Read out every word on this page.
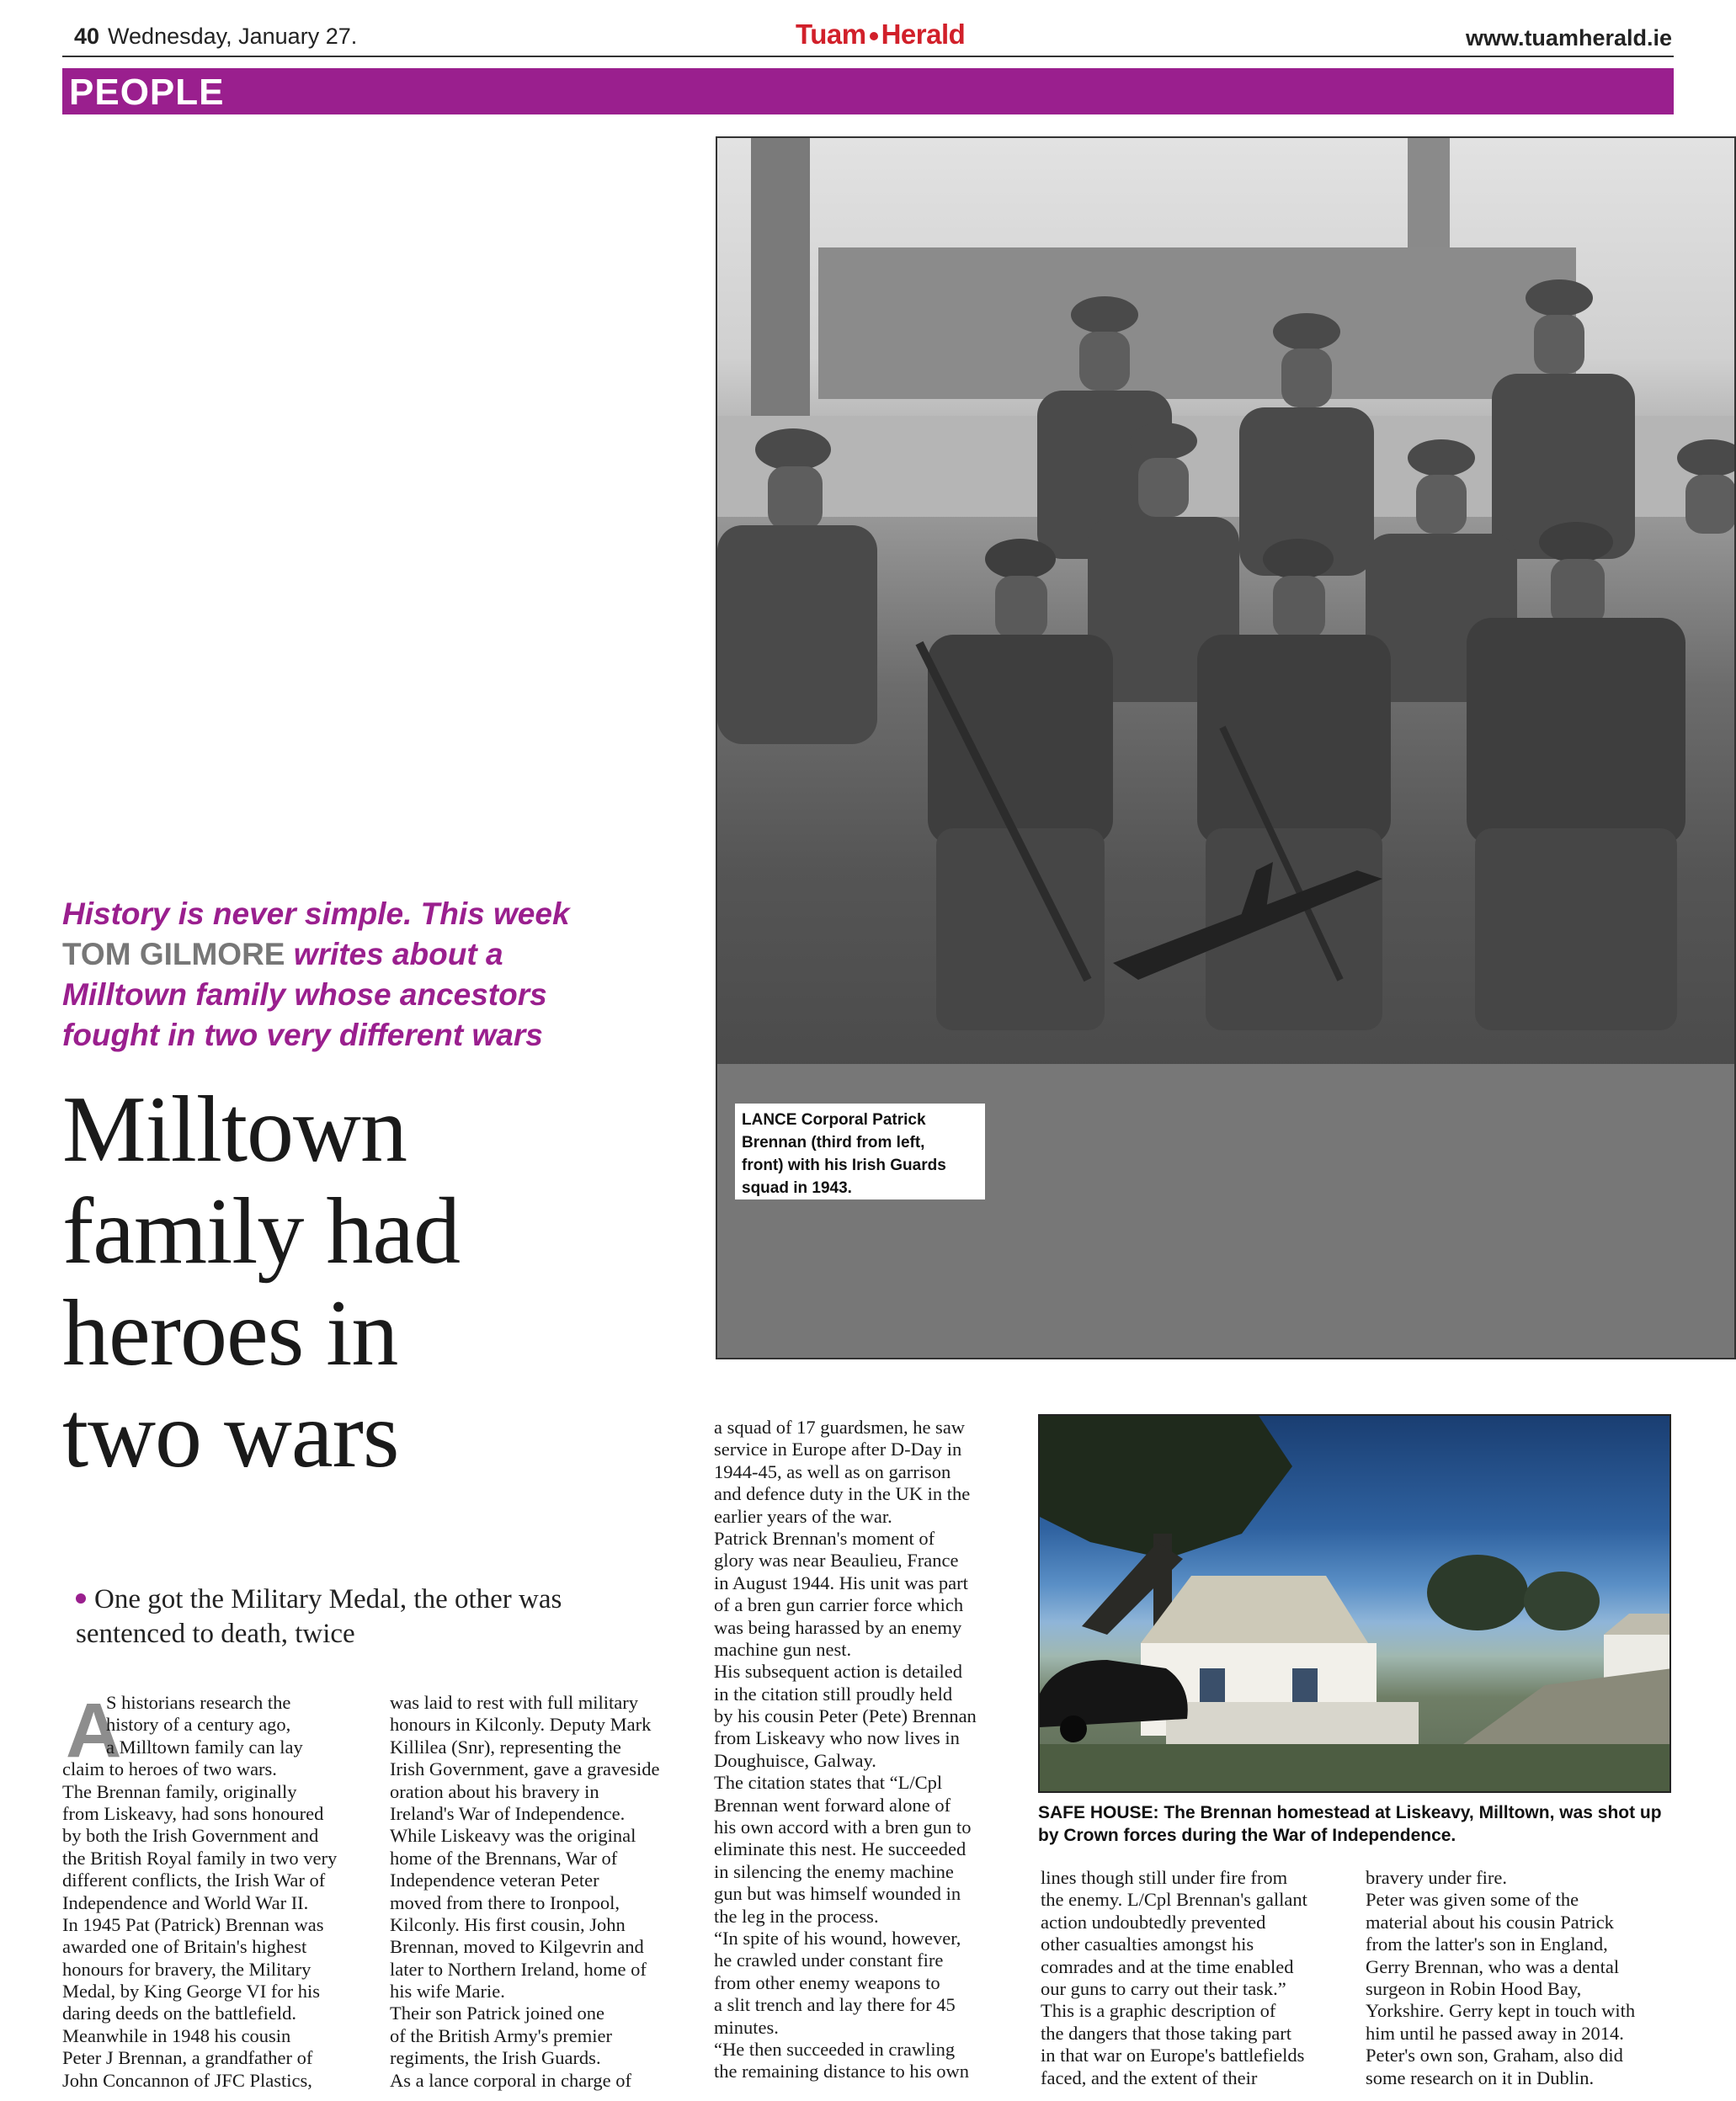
40 Wednesday, January 27.	Tuam Herald	www.tuamherald.ie
PEOPLE
LANCE Corporal Patrick
Brennan (third from left,
front) with his Irish Guards
squad in 1943.
History is never simple. This week
TOM GILMORE writes about a
Milltown family whose ancestors
fought in two very different wars
Milltown
family had
heroes in
two wars
One got the Military Medal, the other was
sentenced to death, twice
A
S historians research the
history of a century ago,
a Milltown family can lay
claim to heroes of two wars.
The Brennan family, originally
from Liskeavy, had sons honoured
by both the Irish Government and
the British Royal family in two very
different conflicts, the Irish War of
Independence and World War II.
In 1945 Pat (Patrick) Brennan was
awarded one of Britain's highest
honours for bravery, the Military
Medal, by King George VI for his
daring deeds on the battlefield.
Meanwhile in 1948 his cousin
Peter J Brennan, a grandfather of
John Concannon of JFC Plastics,
was laid to rest with full military
honours in Kilconly. Deputy Mark
Killilea (Snr), representing the
Irish Government, gave a graveside
oration about his bravery in
Ireland's War of Independence.
While Liskeavy was the original
home of the Brennans, War of
Independence veteran Peter
moved from there to Ironpool,
Kilconly. His first cousin, John
Brennan, moved to Kilgevrin and
later to Northern Ireland, home of
his wife Marie.
Their son Patrick joined one
of the British Army's premier
regiments, the Irish Guards.
As a lance corporal in charge of
a squad of 17 guardsmen, he saw
service in Europe after D-Day in
1944-45, as well as on garrison
and defence duty in the UK in the
earlier years of the war.
Patrick Brennan's moment of
glory was near Beaulieu, France
in August 1944. His unit was part
of a bren gun carrier force which
was being harassed by an enemy
machine gun nest.
His subsequent action is detailed
in the citation still proudly held
by his cousin Peter (Pete) Brennan
from Liskeavy who now lives in
Doughuisce, Galway.
The citation states that “L/Cpl
Brennan went forward alone of
his own accord with a bren gun to
eliminate this nest. He succeeded
in silencing the enemy machine
gun but was himself wounded in
the leg in the process.
“In spite of his wound, however,
he crawled under constant fire
from other enemy weapons to
a slit trench and lay there for 45
minutes.
“He then succeeded in crawling
the remaining distance to his own
lines though still under fire from
the enemy. L/Cpl Brennan's gallant
action undoubtedly prevented
other casualties amongst his
comrades and at the time enabled
our guns to carry out their task.”
This is a graphic description of
the dangers that those taking part
in that war on Europe's battlefields
faced, and the extent of their
bravery under fire.
Peter was given some of the
material about his cousin Patrick
from the latter's son in England,
Gerry Brennan, who was a dental
surgeon in Robin Hood Bay,
Yorkshire. Gerry kept in touch with
him until he passed away in 2014.
Peter's own son, Graham, also did
some research on it in Dublin.
SAFE HOUSE: The Brennan homestead at Liskeavy, Milltown, was shot up
by Crown forces during the War of Independence.
